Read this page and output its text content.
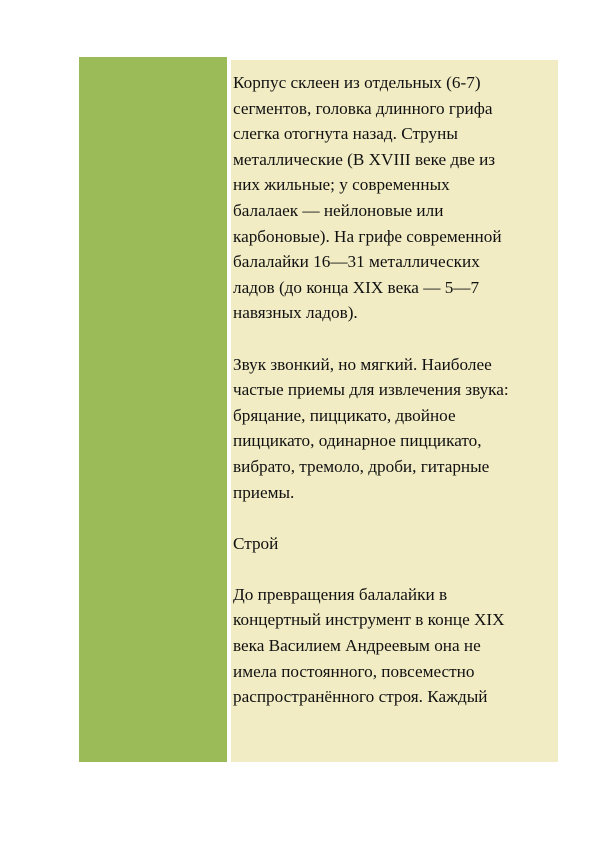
Корпус склеен из отдельных (6-7)
сегментов, головка длинного грифа
слегка отогнута назад. Струны
металлические (В XVIII веке две из
них жильные; у современных
балалаек — нейлоновые или
карбоновые). На грифе современной
балалайки 16—31 металлических
ладов (до конца XIX века — 5—7
навязных ладов).

Звук звонкий, но мягкий. Наиболее
частые приемы для извлечения звука:
бряцание, пиццикато, двойное
пиццикато, одинарное пиццикато,
вибрато, тремоло, дроби, гитарные
приемы.

Строй

До превращения балалайки в
концертный инструмент в конце XIX
века Василием Андреевым она не
имела постоянного, повсеместно
распространённого строя. Каждый
